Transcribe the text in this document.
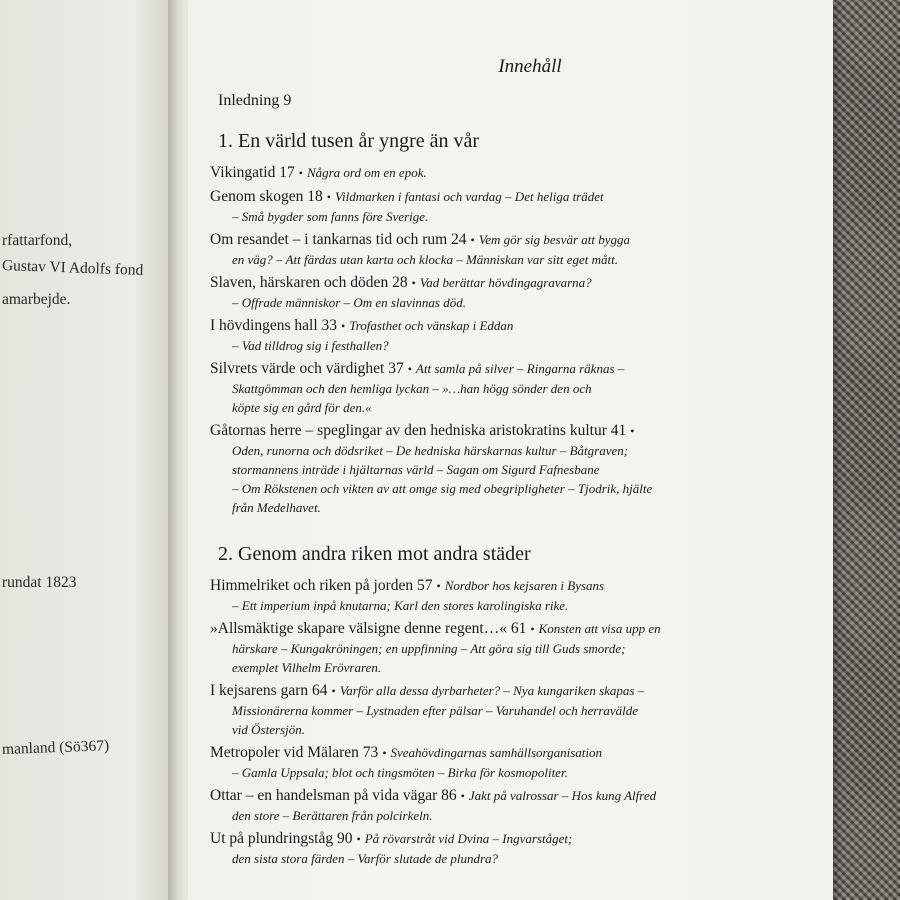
rfattarfond,
Gustav VI Adolfs fond
amarbejde.
rundat 1823
manland (Sö367)
Innehåll
Inledning 9
1. En värld tusen år yngre än vår
Vikingatid 17 • Några ord om en epok.
Genom skogen 18 • Vildmarken i fantasi och vardag – Det heliga trädet
– Små bygder som fanns före Sverige.
Om resandet – i tankarnas tid och rum 24 • Vem gör sig besvär att bygga
en väg? – Att färdas utan karta och klocka – Människan var sitt eget mått.
Slaven, härskaren och döden 28 • Vad berättar hövdingagravarna?
– Offrade människor – Om en slavinnas död.
I hövdingens hall 33 • Trofasthet och vänskap i Eddan
– Vad tilldrog sig i festhallen?
Silvrets värde och värdighet 37 • Att samla på silver – Ringarna räknas –
Skattgömman och den hemliga lyckan – »…han högg sönder den och
köpte sig en gård för den.«
Gåtornas herre – speglingar av den hedniska aristokratins kultur 41 •
Oden, runorna och dödsriket – De hedniska härskarnas kultur – Båtgraven;
stormannens inträde i hjältarnas värld – Sagan om Sigurd Fafnesbane
– Om Rökstenen och vikten av att omge sig med obegripligheter – Tjodrik, hjälte
från Medelhavet.
2. Genom andra riken mot andra städer
Himmelriket och riken på jorden 57 • Nordbor hos kejsaren i Bysans
– Ett imperium inpå knutarna; Karl den stores karolingiska rike.
»Allsmäktige skapare välsigne denne regent…« 61 • Konsten att visa upp en
härskare – Kungakröningen; en uppfinning – Att göra sig till Guds smorde;
exemplet Vilhelm Erövraren.
I kejsarens garn 64 • Varför alla dessa dyrbarheter? – Nya kungariken skapas –
Missionärerna kommer – Lystnaden efter pälsar – Varuhandel och herravälde
vid Östersjön.
Metropoler vid Mälaren 73 • Sveahövdingarnas samhällsorganisation
– Gamla Uppsala; blot och tingsmöten – Birka för kosmopoliter.
Ottar – en handelsman på vida vägar 86 • Jakt på valrossar – Hos kung Alfred
den store – Berättaren från polcirkeln.
Ut på plundringståg 90 • På rövarstråt vid Dvina – Ingvarståget;
den sista stora färden – Varför slutade de plundra?
